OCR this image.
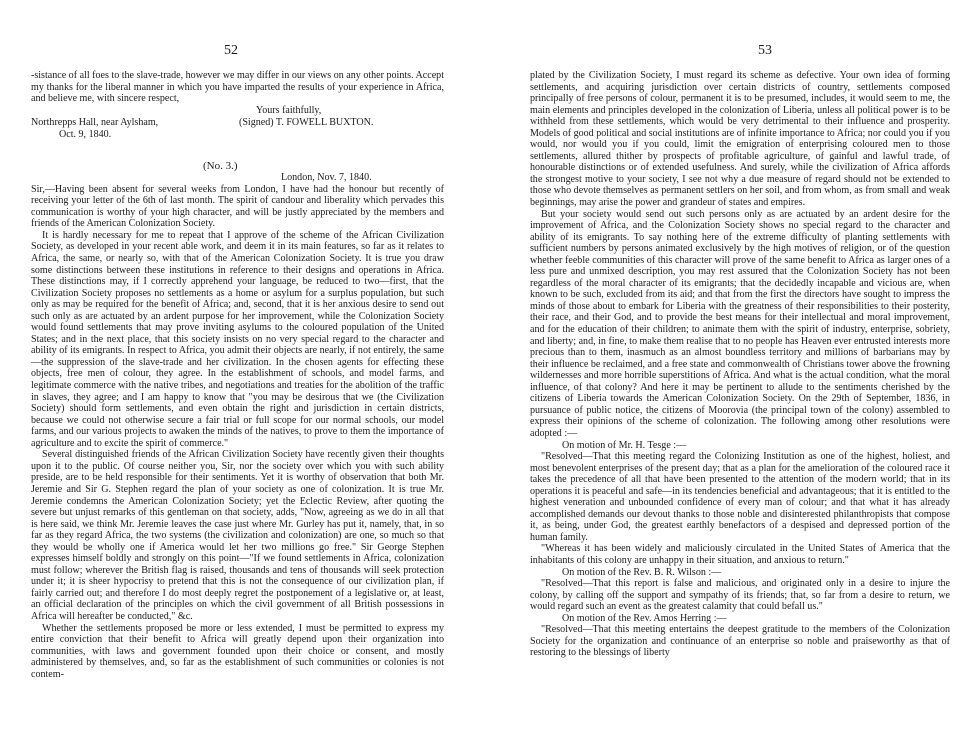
52

-sistance of all foes to the slave-trade, however we may differ in our views on any other points. Accept my thanks for the liberal manner in which you have imparted the results of your experience in Africa, and believe me, with sincere respect,

Yours faithfully,
Northrepps Hall, near Aylsham,	(Signed) T. FOWELL BUXTON.
Oct. 9, 1840.
(No. 3.)
London, Nov. 7, 1840.

Sir,—Having been absent for several weeks from London, I have had the honour but recently of receiving your letter of the 6th of last month. The spirit of candour and liberality which pervades this communication is worthy of your high character, and will be justly appreciated by the members and friends of the American Colonization Society.

It is hardly necessary for me to repeat that I approve of the scheme of the African Civilization Society, as developed in your recent able work, and deem it in its main features, so far as it relates to Africa, the same, or nearly so, with that of the American Colonization Society. It is true you draw some distinctions between these institutions in reference to their designs and operations in Africa. These distinctions may, if I correctly apprehend your language, be reduced to two—first, that the Civilization Society proposes no settlements as a home or asylum for a surplus population, but such only as may be required for the benefit of Africa; and, second, that it is her anxious desire to send out such only as are actuated by an ardent purpose for her improvement, while the Colonization Society would found settlements that may prove inviting asylums to the coloured population of the United States; and in the next place, that this society insists on no very special regard to the character and ability of its emigrants. In respect to Africa, you admit their objects are nearly, if not entirely, the same—the suppression of the slave-trade and her civilization. In the chosen agents for effecting these objects, free men of colour, they agree. In the establishment of schools, and model farms, and legitimate commerce with the native tribes, and negotiations and treaties for the abolition of the traffic in slaves, they agree; and I am happy to know that "you may be desirous that we (the Civilization Society) should form settlements, and even obtain the right and jurisdiction in certain districts, because we could not otherwise secure a fair trial or full scope for our normal schools, our model farms, and our various projects to awaken the minds of the natives, to prove to them the importance of agriculture and to excite the spirit of commerce."

Several distinguished friends of the African Civilization Society have recently given their thoughts upon it to the public. Of course neither you, Sir, nor the society over which you with such ability preside, are to be held responsible for their sentiments. Yet it is worthy of observation that both Mr. Jeremie and Sir G. Stephen regard the plan of your society as one of colonization. It is true Mr. Jeremie condemns the American Colonization Society; yet the Eclectic Review, after quoting the severe but unjust remarks of this gentleman on that society, adds, "Now, agreeing as we do in all that is here said, we think Mr. Jeremie leaves the case just where Mr. Gurley has put it, namely, that, in so far as they regard Africa, the two systems (the civilization and colonization) are one, so much so that they would be wholly one if America would let her two millions go free." Sir George Stephen expresses himself boldly and strongly on this point—"If we found settlements in Africa, colonization must follow; wherever the British flag is raised, thousands and tens of thousands will seek protection under it; it is sheer hypocrisy to pretend that this is not the consequence of our civilization plan, if fairly carried out; and therefore I do most deeply regret the postponement of a legislative or, at least, an official declaration of the principles on which the civil government of all British possessions in Africa will hereafter be conducted," &c.

Whether the settlements proposed be more or less extended, I must be permitted to express my entire conviction that their benefit to Africa will greatly depend upon their organization into communities, with laws and government founded upon their choice or consent, and mostly administered by themselves, and, so far as the establishment of such communities or colonies is not contem-

53

plated by the Civilization Society, I must regard its scheme as defective. Your own idea of forming settlements, and acquiring jurisdiction over certain districts of country, settlements composed principally of free persons of colour, permanent it is to be presumed, includes, it would seem to me, the main elements and principles developed in the colonization of Liberia, unless all political power is to be withheld from these settlements, which would be very detrimental to their influence and prosperity. Models of good political and social institutions are of infinite importance to Africa; nor could you if you would, nor would you if you could, limit the emigration of enterprising coloured men to those settlements, allured thither by prospects of profitable agriculture, of gainful and lawful trade, of honourable distinctions or of extended usefulness. And surely, while the civilization of Africa affords the strongest motive to your society, I see not why a due measure of regard should not be extended to those who devote themselves as permanent settlers on her soil, and from whom, as from small and weak beginnings, may arise the power and grandeur of states and empires.

But your society would send out such persons only as are actuated by an ardent desire for the improvement of Africa, and the Colonization Society shows no special regard to the character and ability of its emigrants. To say nothing here of the extreme difficulty of planting settlements with sufficient numbers by persons animated exclusively by the high motives of religion, or of the question whether feeble communities of this character will prove of the same benefit to Africa as larger ones of a less pure and unmixed description, you may rest assured that the Colonization Society has not been regardless of the moral character of its emigrants; that the decidedly incapable and vicious are, when known to be such, excluded from its aid; and that from the first the directors have sought to impress the minds of those about to embark for Liberia with the greatness of their responsibilities to their posterity, their race, and their God, and to provide the best means for their intellectual and moral improvement, and for the education of their children; to animate them with the spirit of industry, enterprise, sobriety, and liberty; and, in fine, to make them realise that to no people has Heaven ever entrusted interests more precious than to them, inasmuch as an almost boundless territory and millions of barbarians may by their influence be reclaimed, and a free state and commonwealth of Christians tower above the frowning wildernesses and more horrible superstitions of Africa. And what is the actual condition, what the moral influence, of that colony? And here it may be pertinent to allude to the sentiments cherished by the citizens of Liberia towards the American Colonization Society. On the 29th of September, 1836, in pursuance of public notice, the citizens of Moorovia (the principal town of the colony) assembled to express their opinions of the scheme of colonization. The following among other resolutions were adopted :—

On motion of Mr. H. Tesge :—

"Resolved—That this meeting regard the Colonizing Institution as one of the highest, holiest, and most benevolent enterprises of the present day; that as a plan for the amelioration of the coloured race it takes the precedence of all that have been presented to the attention of the modern world; that in its operations it is peaceful and safe—in its tendencies beneficial and advantageous; that it is entitled to the highest veneration and unbounded confidence of every man of colour; and that what it has already accomplished demands our devout thanks to those noble and disinterested philanthropists that compose it, as being, under God, the greatest earthly benefactors of a despised and depressed portion of the human family.

"Whereas it has been widely and maliciously circulated in the United States of America that the inhabitants of this colony are unhappy in their situation, and anxious to return."

On motion of the Rev. B. R. Wilson :—

"Resolved—That this report is false and malicious, and originated only in a desire to injure the colony, by calling off the support and sympathy of its friends; that, so far from a desire to return, we would regard such an event as the greatest calamity that could befall us."

On motion of the Rev. Amos Herring :—

"Resolved—That this meeting entertains the deepest gratitude to the members of the Colonization Society for the organization and continuance of an enterprise so noble and praiseworthy as that of restoring to the blessings of liberty
